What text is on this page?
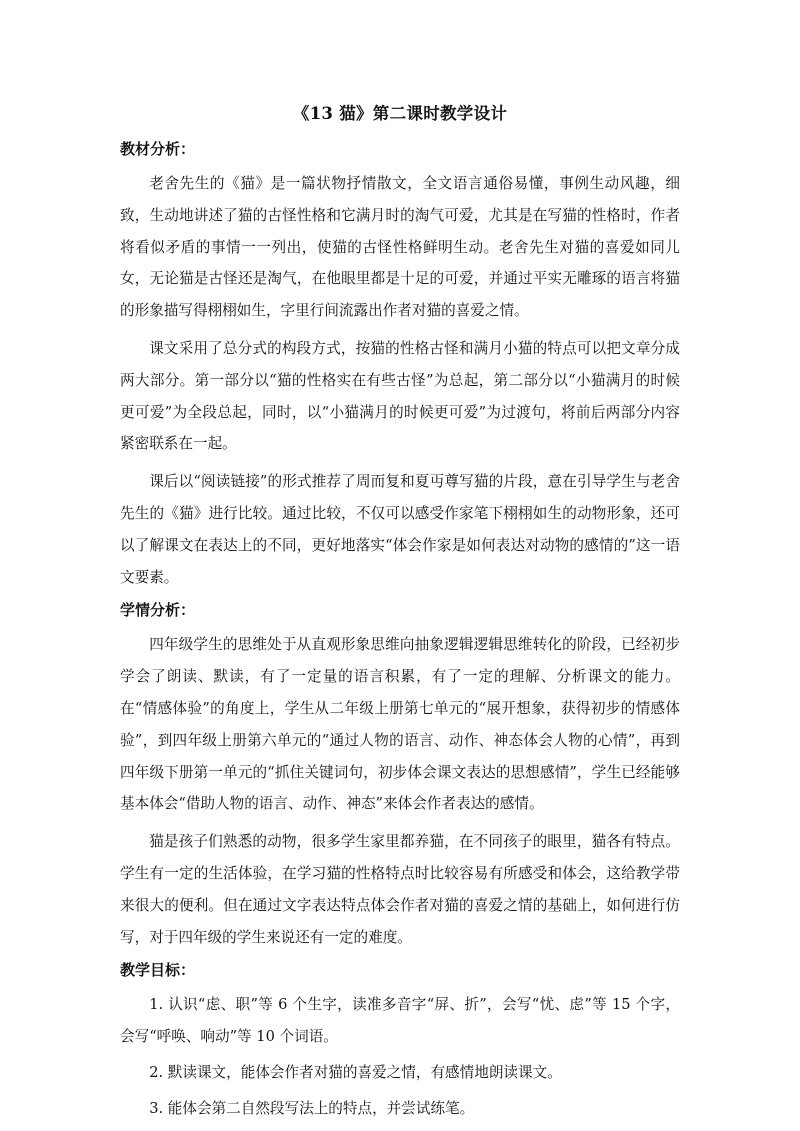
《13 猫》第二课时教学设计
教材分析：

老舍先生的《猫》是一篇状物抒情散文，全文语言通俗易懂，事例生动风趣，细致，生动地讲述了猫的古怪性格和它满月时的淘气可爱，尤其是在写猫的性格时，作者将看似矛盾的事情一一列出，使猫的古怪性格鲜明生动。老舍先生对猫的喜爱如同儿女，无论猫是古怪还是淘气，在他眼里都是十足的可爱，并通过平实无雕琢的语言将猫的形象描写得栩栩如生，字里行间流露出作者对猫的喜爱之情。

课文采用了总分式的构段方式，按猫的性格古怪和满月小猫的特点可以把文章分成两大部分。第一部分以“猫的性格实在有些古怪”为总起，第二部分以“小猫满月的时候更可爱”为全段总起，同时，以“小猫满月的时候更可爱”为过渡句，将前后两部分内容紧密联系在一起。

课后以“阅读链接”的形式推荐了周而复和夏丏尊写猫的片段，意在引导学生与老舍先生的《猫》进行比较。通过比较，不仅可以感受作家笔下栩栩如生的动物形象，还可以了解课文在表达上的不同，更好地落实“体会作家是如何表达对动物的感情的”这一语文要素。

学情分析：

四年级学生的思维处于从直观形象思维向抽象逻辑逻辑思维转化的阶段，已经初步学会了朗读、默读，有了一定量的语言积累，有了一定的理解、分析课文的能力。在“情感体验”的角度上，学生从二年级上册第七单元的“展开想象，获得初步的情感体验”，到四年级上册第六单元的“通过人物的语言、动作、神态体会人物的心情”，再到四年级下册第一单元的“抓住关键词句，初步体会课文表达的思想感情”，学生已经能够基本体会“借助人物的语言、动作、神态”来体会作者表达的感情。

猫是孩子们熟悉的动物，很多学生家里都养猫，在不同孩子的眼里，猫各有特点。学生有一定的生活体验，在学习猫的性格特点时比较容易有所感受和体会，这给教学带来很大的便利。但在通过文字表达特点体会作者对猫的喜爱之情的基础上，如何进行仿写，对于四年级的学生来说还有一定的难度。

教学目标：

1. 认识“虑、职”等 6 个生字，读准多音字“屏、折”，会写“忧、虑”等 15 个字，会写“呼唤、响动”等 10 个词语。

2. 默读课文，能体会作者对猫的喜爱之情，有感情地朗读课文。

3. 能体会第二自然段写法上的特点，并尝试练笔。
